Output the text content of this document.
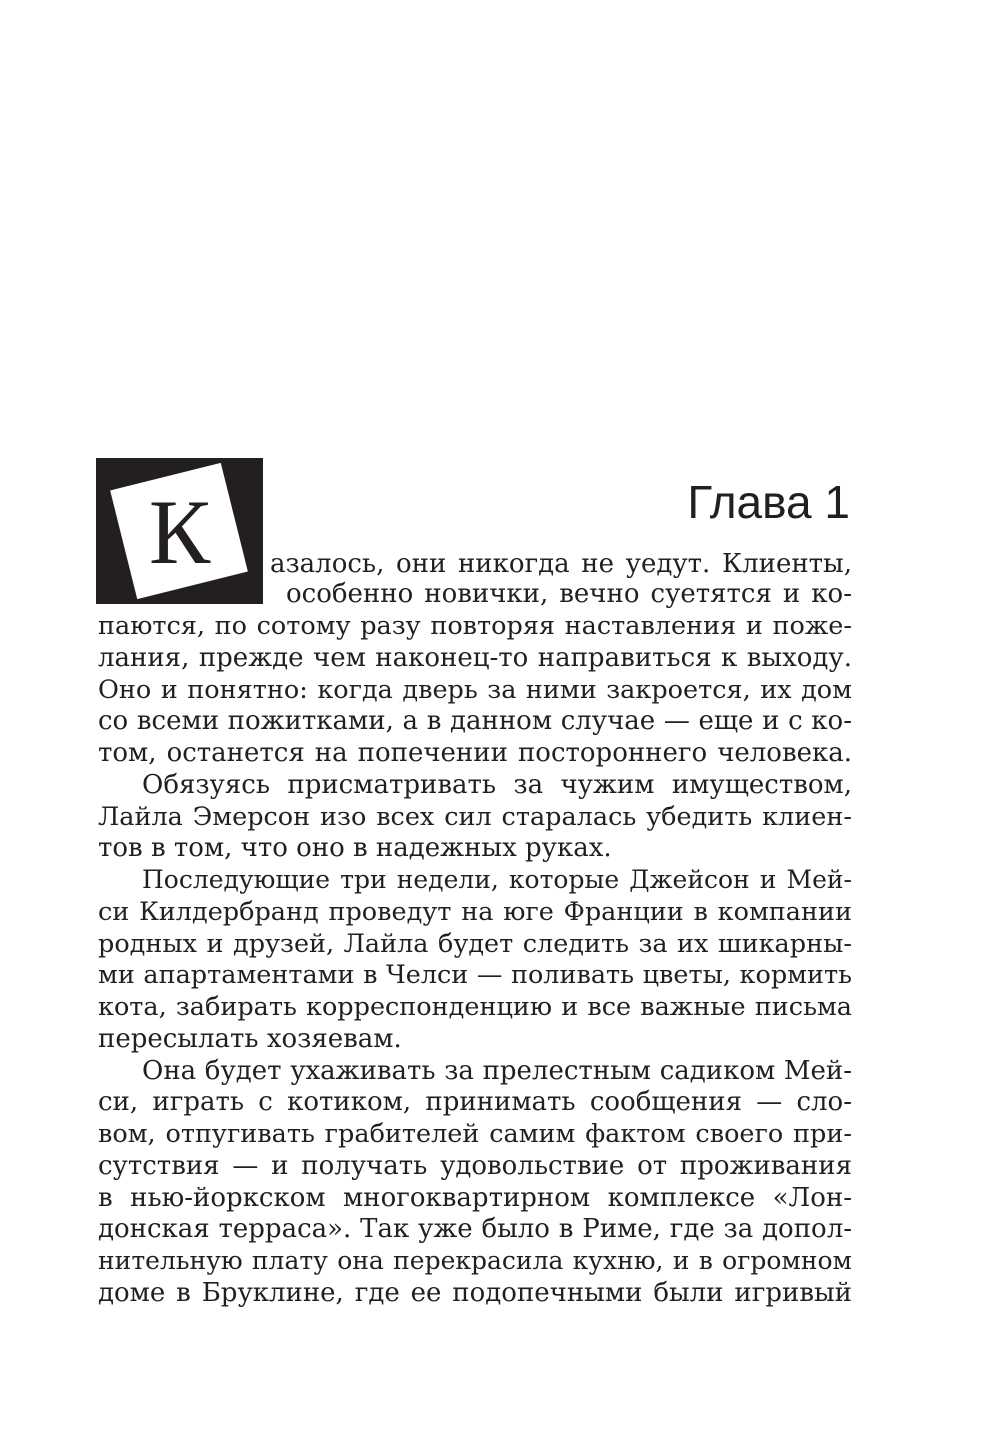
К	Глава 1
азалось, они никогда не уедут. Клиенты,
особенно новички, вечно суетятся и ко-
паются, по сотому разу повторяя наставления и поже-
лания, прежде чем наконец-то направиться к выходу.
Оно и понятно: когда дверь за ними закроется, их дом
со всеми пожитками, а в данном случае — еще и с ко-
том, останется на попечении постороннего человека.
Обязуясь присматривать за чужим имуществом,
Лайла Эмерсон изо всех сил старалась убедить клиен-
тов в том, что оно в надежных руках.
Последующие три недели, которые Джейсон и Мей-
си Килдербранд проведут на юге Франции в компании
родных и друзей, Лайла будет следить за их шикарны-
ми апартаментами в Челси — поливать цветы, кормить
кота, забирать корреспонденцию и все важные письма
пересылать хозяевам.
Она будет ухаживать за прелестным садиком Мей-
си, играть с котиком, принимать сообщения — сло-
вом, отпугивать грабителей самим фактом своего при-
сутствия — и получать удовольствие от проживания
в нью-йоркском многоквартирном комплексе «Лон-
донская терраса». Так уже было в Риме, где за допол-
нительную плату она перекрасила кухню, и в огромном
доме в Бруклине, где ее подопечными были игривый
